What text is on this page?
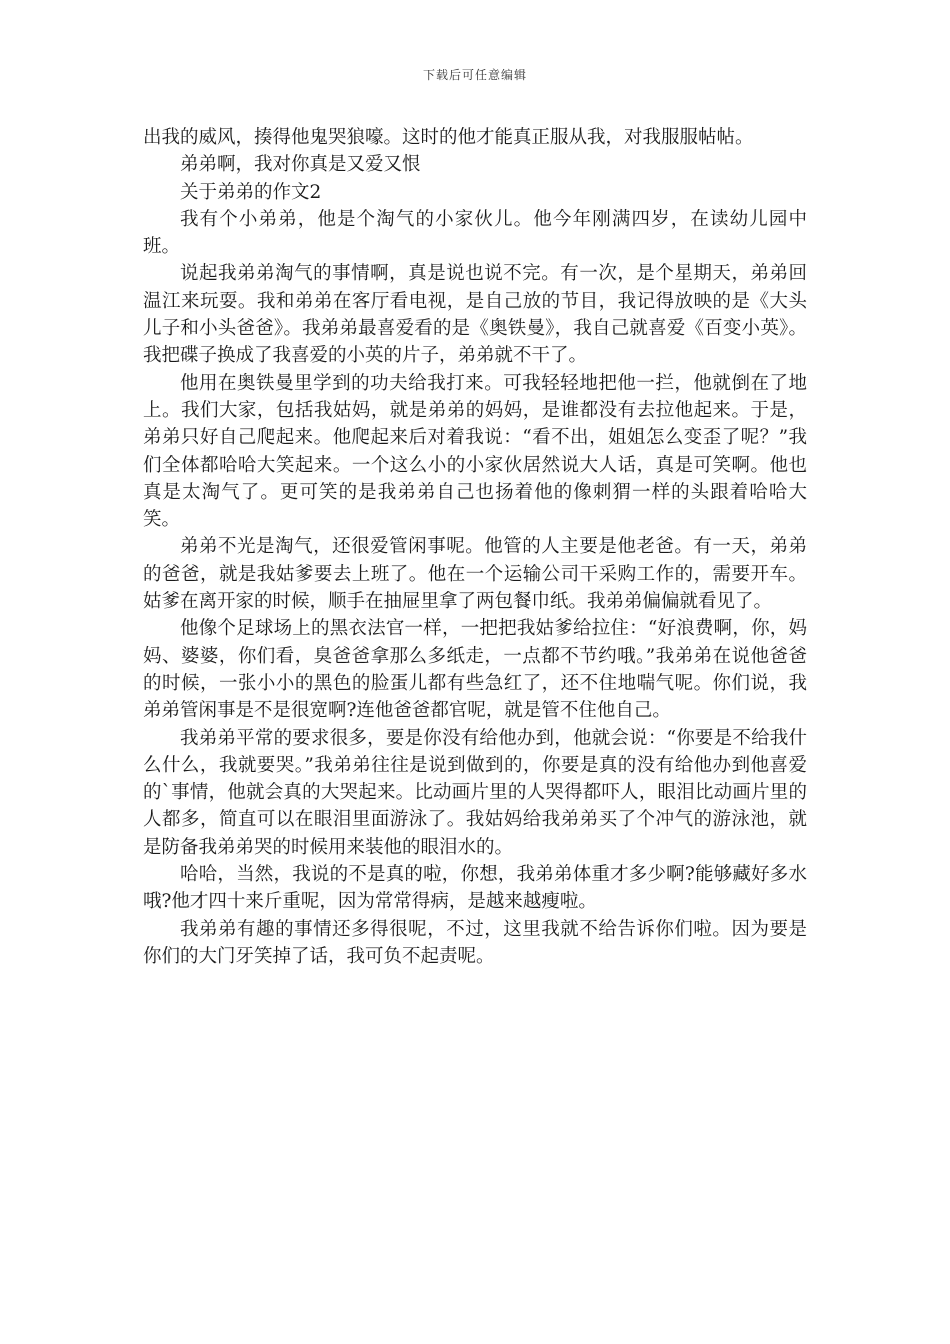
下载后可任意编辑

出我的威风，揍得他鬼哭狼嚎。这时的他才能真正服从我，对我服服帖帖。

弟弟啊，我对你真是又爱又恨

关于弟弟的作文2

我有个小弟弟，他是个淘气的小家伙儿。他今年刚满四岁，在读幼儿园中班。

说起我弟弟淘气的事情啊，真是说也说不完。有一次，是个星期天，弟弟回温江来玩耍。我和弟弟在客厅看电视，是自己放的节目，我记得放映的是《大头儿子和小头爸爸》。我弟弟最喜爱看的是《奥铁曼》，我自己就喜爱《百变小英》。我把碟子换成了我喜爱的小英的片子，弟弟就不干了。

他用在奥铁曼里学到的功夫给我打来。可我轻轻地把他一拦，他就倒在了地上。我们大家，包括我姑妈，就是弟弟的妈妈，是谁都没有去拉他起来。于是，弟弟只好自己爬起来。他爬起来后对着我说：“看不出，姐姐怎么变歪了呢？”我们全体都哈哈大笑起来。一个这么小的小家伙居然说大人话，真是可笑啊。他也真是太淘气了。更可笑的是我弟弟自己也扬着他的像刺猬一样的头跟着哈哈大笑。

弟弟不光是淘气，还很爱管闲事呢。他管的人主要是他老爸。有一天，弟弟的爸爸，就是我姑爹要去上班了。他在一个运输公司干采购工作的，需要开车。姑爹在离开家的时候，顺手在抽屉里拿了两包餐巾纸。我弟弟偏偏就看见了。

他像个足球场上的黑衣法官一样，一把把我姑爹给拉住：“好浪费啊，你，妈妈、婆婆，你们看，臭爸爸拿那么多纸走，一点都不节约哦。”我弟弟在说他爸爸的时候，一张小小的黑色的脸蛋儿都有些急红了，还不住地喘气呢。你们说，我弟弟管闲事是不是很宽啊?连他爸爸都官呢，就是管不住他自己。

我弟弟平常的要求很多，要是你没有给他办到，他就会说：“你要是不给我什么什么，我就要哭。”我弟弟往往是说到做到的，你要是真的没有给他办到他喜爱的`事情，他就会真的大哭起来。比动画片里的人哭得都吓人，眼泪比动画片里的人都多，简直可以在眼泪里面游泳了。我姑妈给我弟弟买了个冲气的游泳池，就是防备我弟弟哭的时候用来装他的眼泪水的。

哈哈，当然，我说的不是真的啦，你想，我弟弟体重才多少啊?能够藏好多水哦?他才四十来斤重呢，因为常常得病，是越来越瘦啦。

我弟弟有趣的事情还多得很呢，不过，这里我就不给告诉你们啦。因为要是你们的大门牙笑掉了话，我可负不起责呢。
